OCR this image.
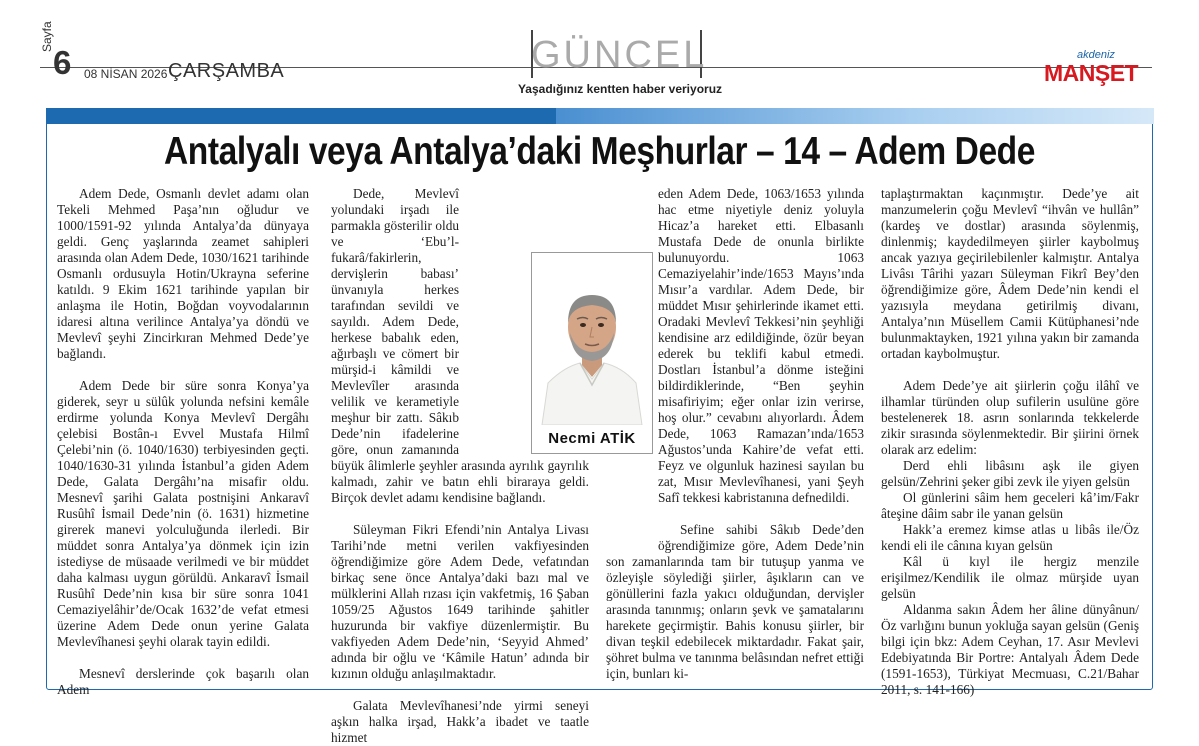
Sayfa
6 08 NİSAN 2026 ÇARŞAMBA	GÜNCEL
Yaşadığınız kentten haber veriyoruz
akdeniz
MANŞET
Antalyalı veya Antalya’daki Meşhurlar – 14 – Adem Dede

Adem Dede, Osmanlı devlet adamı olan Tekeli Mehmed Paşa’nın oğludur ve 1000/1591-92 yılında Antalya’da dünyaya geldi. Genç yaşlarında zeamet sahipleri arasında olan Adem Dede, 1030/1621 tarihinde Osmanlı ordusuyla Hotin/Ukrayna seferine katıldı. 9 Ekim 1621 tarihinde yapılan bir anlaşma ile Hotin, Boğdan voyvodalarının idaresi altına verilince Antalya’ya döndü ve Mevlevî şeyhi Zincirkıran Mehmed Dede’ye bağlandı.

Adem Dede bir süre sonra Konya’ya giderek, seyr u sülûk yolunda nefsini kemâle erdirme yolunda Konya Mevlevî Dergâhı çelebisi Bostân-ı Evvel Mustafa Hilmî Çelebi’nin (ö. 1040/1630) terbiyesinden geçti. 1040/1630-31 yılında İstanbul’a giden Adem Dede, Galata Dergâhı’na misafir oldu. Mesnevî şarihi Galata postnişini Ankaravî Rusûhî İsmail Dede’nin (ö. 1631) hizmetine girerek manevi yolculuğunda ilerledi. Bir müddet sonra Antalya’ya dönmek için izin istediyse de müsaade verilmedi ve bir müddet daha kalması uygun görüldü. Ankaravî İsmail Rusûhî Dede’nin kısa bir süre sonra 1041 Cemaziyelâhir’de/Ocak 1632’de vefat etmesi üzerine Adem Dede onun yerine Galata Mevlevîhanesi şeyhi olarak tayin edildi.

Mesnevî derslerinde çok başarılı olan Adem

Dede, Mevlevî yolundaki irşadı ile parmakla gösterilir oldu ve ‘Ebu’l-fukarâ/fakirlerin, dervişlerin babası’ ünvanıyla herkes tarafından sevildi ve sayıldı. Adem Dede, herkese babalık eden, ağırbaşlı ve cömert bir mürşid-i kâmildi ve Mevlevîler arasında velilik ve kerametiyle meşhur bir zattı. Sâkıb Dede’nin ifadelerine göre, onun zamanında büyük âlimlerle şeyhler arasında ayrılık gayrılık kalmadı, zahir ve batın ehli biraraya geldi. Birçok devlet adamı kendisine bağlandı.

Süleyman Fikri Efendi’nin Antalya Livası Tarihi’nde metni verilen vakfiyesinden öğrendiğimize göre Adem Dede, vefatından birkaç sene önce Antalya’daki bazı mal ve mülklerini Allah rızası için vakfetmiş, 16 Şaban 1059/25 Ağustos 1649 tarihinde şahitler huzurunda bir vakfiye düzenlermiştir. Bu vakfiyeden Adem Dede’nin, ‘Seyyid Ahmed’ adında bir oğlu ve ‘Kâmile Hatun’ adında bir kızının olduğu anlaşılmaktadır.

Galata Mevlevîhanesi’nde yirmi seneyi aşkın halka irşad, Hakk’a ibadet ve taatle hizmet

eden Adem Dede, 1063/1653 yılında hac etme niyetiyle deniz yoluyla Hicaz’a hareket etti. Elbasanlı Mustafa Dede de onunla birlikte bulunuyordu. 1063 Cemaziyelahir’inde/1653 Mayıs’ında Mısır’a vardılar. Adem Dede, bir müddet Mısır şehirlerinde ikamet etti. Oradaki Mevlevî Tekkesi’nin şeyhliği kendisine arz edildiğinde, özür beyan ederek bu teklifi kabul etmedi. Dostları İstanbul’a dönme isteğini bildirdiklerinde, “Ben şeyhin misafiriyim; eğer onlar izin verirse, hoş olur.” cevabını alıyorlardı. Âdem Dede, 1063 Ramazan’ında/1653 Ağustos’unda Kahire’de vefat etti. Feyz ve olgunluk hazinesi sayılan bu zat, Mısır Mevlevîhanesi, yani Şeyh Safî tekkesi kabristanına defnedildi.

Sefine sahibi Sâkıb Dede’den öğrendiğimize göre, Adem Dede’nin son zamanlarında tam bir tutuşup yanma ve özleyişle söylediği şiirler, âşıkların can ve gönüllerini fazla yakıcı olduğundan, dervişler arasında tanınmış; onların şevk ve şamatalarını harekete geçirmiştir. Bahis konusu şiirler, bir divan teşkil edebilecek miktardadır. Fakat şair, şöhret bulma ve tanınma belâsından nefret ettiği için, bunları ki-

taplaştırmaktan kaçınmıştır. Dede’ye ait manzumelerin çoğu Mevlevî “ihvân ve hullân” (kardeş ve dostlar) arasında söylenmiş, dinlenmiş; kaydedilmeyen şiirler kaybolmuş ancak yazıya geçirilebilenler kalmıştır. Antalya Livâsı Târihi yazarı Süleyman Fikrî Bey’den öğrendiğimize göre, Âdem Dede’nin kendi el yazısıyla meydana getirilmiş divanı, Antalya’nın Müsellem Camii Kütüphanesi’nde bulunmaktayken, 1921 yılına yakın bir zamanda ortadan kaybolmuştur.

Adem Dede’ye ait şiirlerin çoğu ilâhî ve ilhamlar türünden olup sufilerin usulüne göre bestelenerek 18. asrın sonlarında tekkelerde zikir sırasında söylenmektedir. Bir şiirini örnek olarak arz edelim:

Derd ehli libâsını aşk ile giyen gelsün/Zehrini şeker gibi zevk ile yiyen gelsün

Ol günlerini sâim hem geceleri kâ’im/Fakr âteşine dâim sabr ile yanan gelsün

Hakk’a eremez kimse atlas u libâs ile/Öz kendi eli ile cânına kıyan gelsün

Kâl ü kıyl ile hergiz menzile erişilmez/Kendilik ile olmaz mürşide uyan gelsün

Aldanma sakın Âdem her âline dünyânun/Öz varlığını bunun yokluğa sayan gelsün (Geniş bilgi için bkz: Adem Ceyhan, 17. Asır Mevlevi Edebiyatında Bir Portre: Antalyalı Âdem Dede (1591-1653), Türkiyat Mecmuası, C.21/Bahar 2011, s. 141-166)

Necmi ATİK
